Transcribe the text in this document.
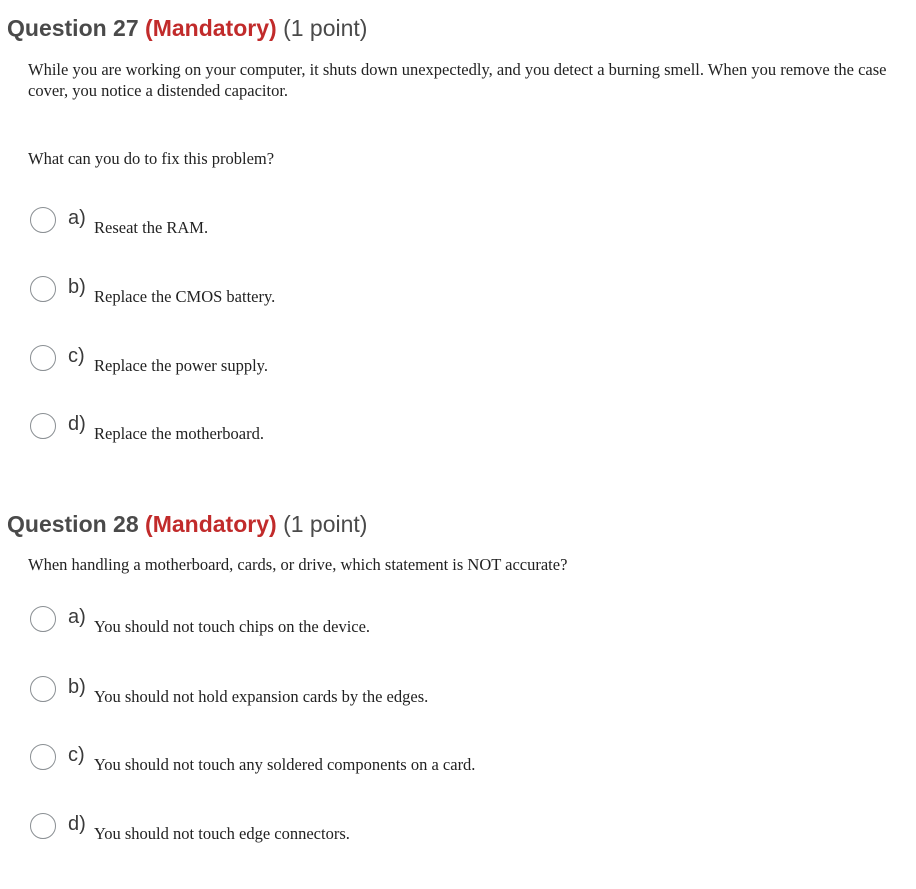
Question 27 (Mandatory) (1 point)
While you are working on your computer, it shuts down unexpectedly, and you detect a burning smell. When you remove the case cover, you notice a distended capacitor.
What can you do to fix this problem?
a) Reseat the RAM.
b) Replace the CMOS battery.
c) Replace the power supply.
d) Replace the motherboard.
Question 28 (Mandatory) (1 point)
When handling a motherboard, cards, or drive, which statement is NOT accurate?
a) You should not touch chips on the device.
b) You should not hold expansion cards by the edges.
c) You should not touch any soldered components on a card.
d) You should not touch edge connectors.
